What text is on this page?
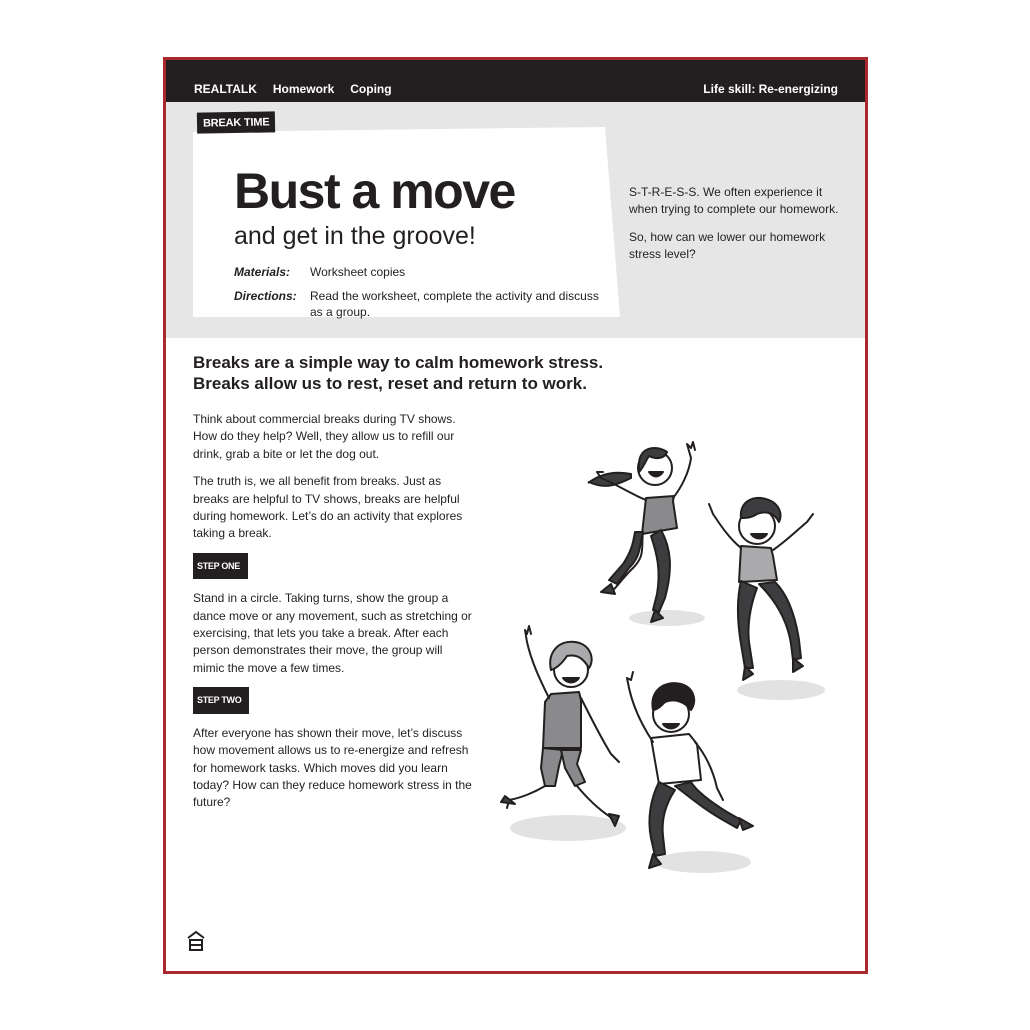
REALTALK Homework Coping	Life skill: Re-energizing
Bust a move

and get in the groove!

Materials:	Worksheet copies
Directions:	Read the worksheet, complete the activity and discuss as a group.
BREAK TIME

S-T-R-E-S-S. We often experience it when trying to complete our homework.

So, how can we lower our homework stress level?

Breaks are a simple way to calm homework stress. Breaks allow us to rest, reset and return to work.

Think about commercial breaks during TV shows. How do they help? Well, they allow us to refill our drink, grab a bite or let the dog out.

The truth is, we all benefit from breaks. Just as breaks are helpful to TV shows, breaks are helpful during homework. Let’s do an activity that explores taking a break.

STEP ONE

Stand in a circle. Taking turns, show the group a dance move or any movement, such as stretching or exercising, that lets you take a break. After each person demonstrates their move, the group will mimic the move a few times.

STEP TWO

After everyone has shown their move, let’s discuss how movement allows us to re-energize and refresh for homework tasks. Which moves did you learn today? How can they reduce homework stress in the future?
